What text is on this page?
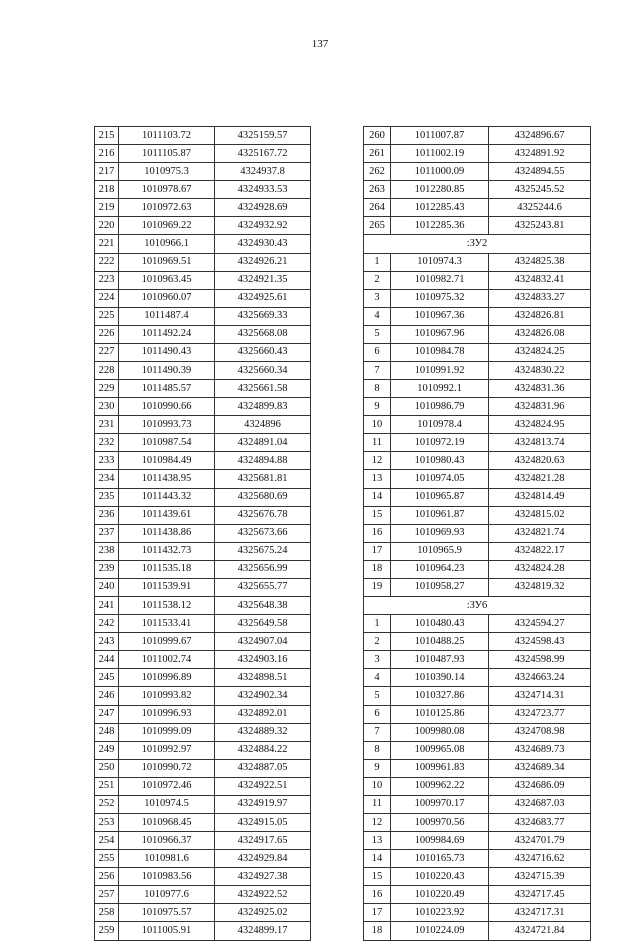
137
215	1011103.72	4325159.57
216	1011105.87	4325167.72
217	1010975.3	4324937.8
218	1010978.67	4324933.53
219	1010972.63	4324928.69
220	1010969.22	4324932.92
221	1010966.1	4324930.43
222	1010969.51	4324926.21
223	1010963.45	4324921.35
224	1010960.07	4324925.61
225	1011487.4	4325669.33
226	1011492.24	4325668.08
227	1011490.43	4325660.43
228	1011490.39	4325660.34
229	1011485.57	4325661.58
230	1010990.66	4324899.83
231	1010993.73	4324896
232	1010987.54	4324891.04
233	1010984.49	4324894.88
234	1011438.95	4325681.81
235	1011443.32	4325680.69
236	1011439.61	4325676.78
237	1011438.86	4325673.66
238	1011432.73	4325675.24
239	1011535.18	4325656.99
240	1011539.91	4325655.77
241	1011538.12	4325648.38
242	1011533.41	4325649.58
243	1010999.67	4324907.04
244	1011002.74	4324903.16
245	1010996.89	4324898.51
246	1010993.82	4324902.34
247	1010996.93	4324892.01
248	1010999.09	4324889.32
249	1010992.97	4324884.22
250	1010990.72	4324887.05
251	1010972.46	4324922.51
252	1010974.5	4324919.97
253	1010968.45	4324915.05
254	1010966.37	4324917.65
255	1010981.6	4324929.84
256	1010983.56	4324927.38
257	1010977.6	4324922.52
258	1010975.57	4324925.02
259	1011005.91	4324899.17
260	1011007.87	4324896.67
261	1011002.19	4324891.92
262	1011000.09	4324894.55
263	1012280.85	4325245.52
264	1012285.43	4325244.6
265	1012285.36	4325243.81
:ЗУ2		
1	1010974.3	4324825.38
2	1010982.71	4324832.41
3	1010975.32	4324833.27
4	1010967.36	4324826.81
5	1010967.96	4324826.08
6	1010984.78	4324824.25
7	1010991.92	4324830.22
8	1010992.1	4324831.36
9	1010986.79	4324831.96
10	1010978.4	4324824.95
11	1010972.19	4324813.74
12	1010980.43	4324820.63
13	1010974.05	4324821.28
14	1010965.87	4324814.49
15	1010961.87	4324815.02
16	1010969.93	4324821.74
17	1010965.9	4324822.17
18	1010964.23	4324824.28
19	1010958.27	4324819.32
:ЗУ6		
1	1010480.43	4324594.27
2	1010488.25	4324598.43
3	1010487.93	4324598.99
4	1010390.14	4324663.24
5	1010327.86	4324714.31
6	1010125.86	4324723.77
7	1009980.08	4324708.98
8	1009965.08	4324689.73
9	1009961.83	4324689.34
10	1009962.22	4324686.09
11	1009970.17	4324687.03
12	1009970.56	4324683.77
13	1009984.69	4324701.79
14	1010165.73	4324716.62
15	1010220.43	4324715.39
16	1010220.49	4324717.45
17	1010223.92	4324717.31
18	1010224.09	4324721.84
